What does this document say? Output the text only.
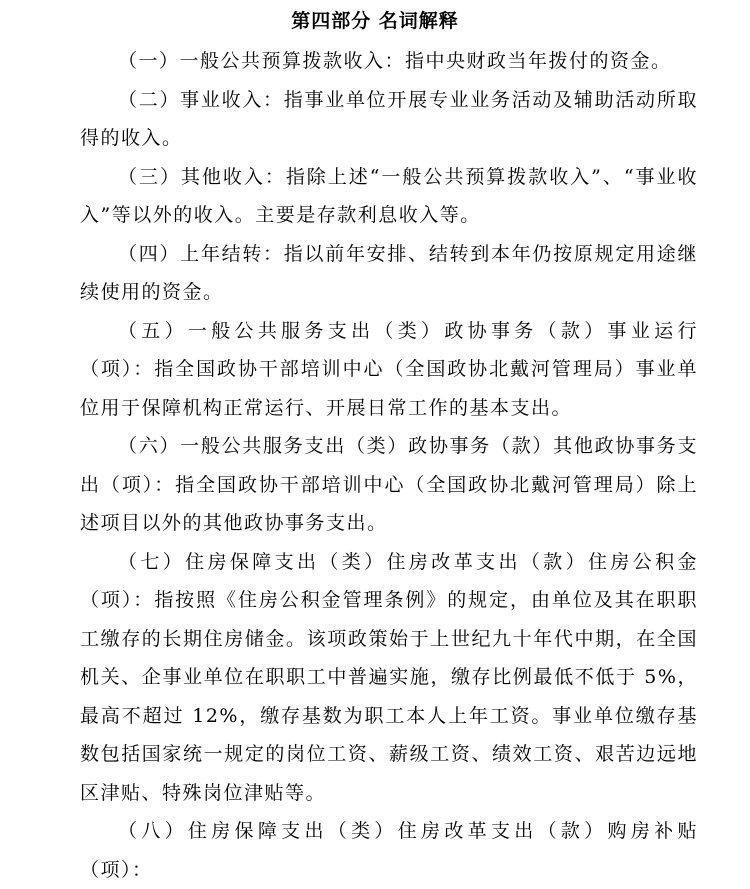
第四部分 名词解释

（一）一般公共预算拨款收入：指中央财政当年拨付的资金。

（二）事业收入：指事业单位开展专业业务活动及辅助活动所取得的收入。

（三）其他收入：指除上述“一般公共预算拨款收入”、“事业收入”等以外的收入。主要是存款利息收入等。

（四）上年结转：指以前年安排、结转到本年仍按原规定用途继续使用的资金。

（五）一般公共服务支出（类）政协事务（款）事业运行（项）：指全国政协干部培训中心（全国政协北戴河管理局）事业单位用于保障机构正常运行、开展日常工作的基本支出。

（六）一般公共服务支出（类）政协事务（款）其他政协事务支出（项）：指全国政协干部培训中心（全国政协北戴河管理局）除上述项目以外的其他政协事务支出。

（七）住房保障支出（类）住房改革支出（款）住房公积金（项）：指按照《住房公积金管理条例》的规定，由单位及其在职职工缴存的长期住房储金。该项政策始于上世纪九十年代中期，在全国机关、企事业单位在职职工中普遍实施，缴存比例最低不低于 5%，最高不超过 12%，缴存基数为职工本人上年工资。事业单位缴存基数包括国家统一规定的岗位工资、薪级工资、绩效工资、艰苦边远地区津贴、特殊岗位津贴等。

（八）住房保障支出（类）住房改革支出（款）购房补贴（项）：
